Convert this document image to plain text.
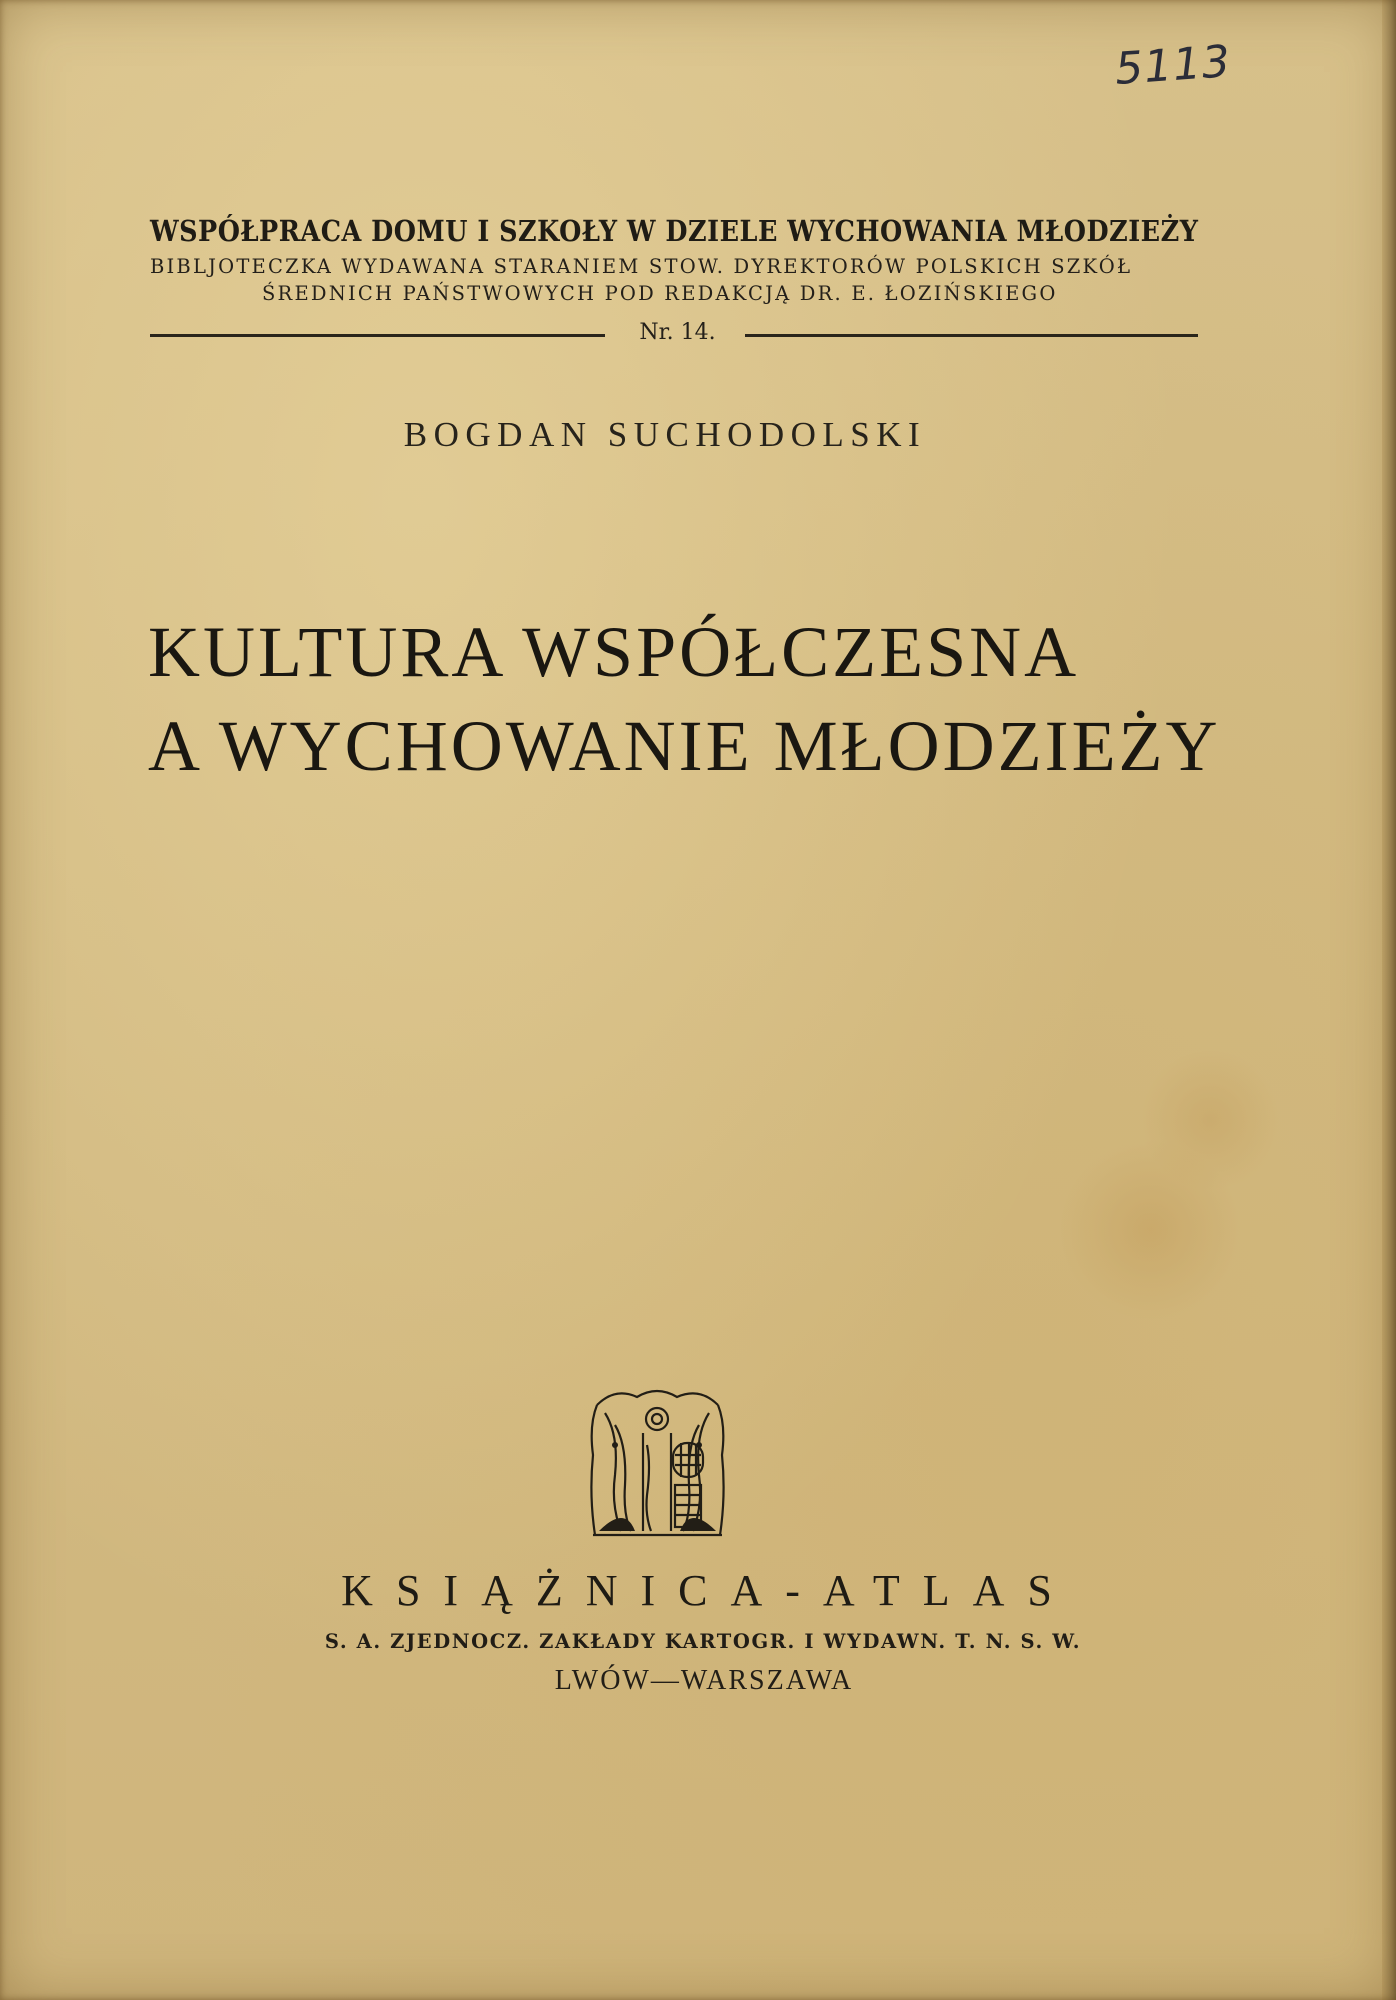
5113
WSPÓŁPRACA DOMU I SZKOŁY W DZIELE WYCHOWANIA MŁODZIEŻY
BIBLJOTECZKA WYDAWANA STARANIEM STOW. DYREKTORÓW POLSKICH SZKÓŁ
ŚREDNICH PAŃSTWOWYCH POD REDAKCJĄ DR. E. ŁOZIŃSKIEGO
Nr. 14.
BOGDAN SUCHODOLSKI
KULTURA WSPÓŁCZESNA
A WYCHOWANIE MŁODZIEŻY
KSIĄŻNICA-ATLAS
S. A. ZJEDNOCZ. ZAKŁADY KARTOGR. I WYDAWN. T. N. S. W.
LWÓW—WARSZAWA
